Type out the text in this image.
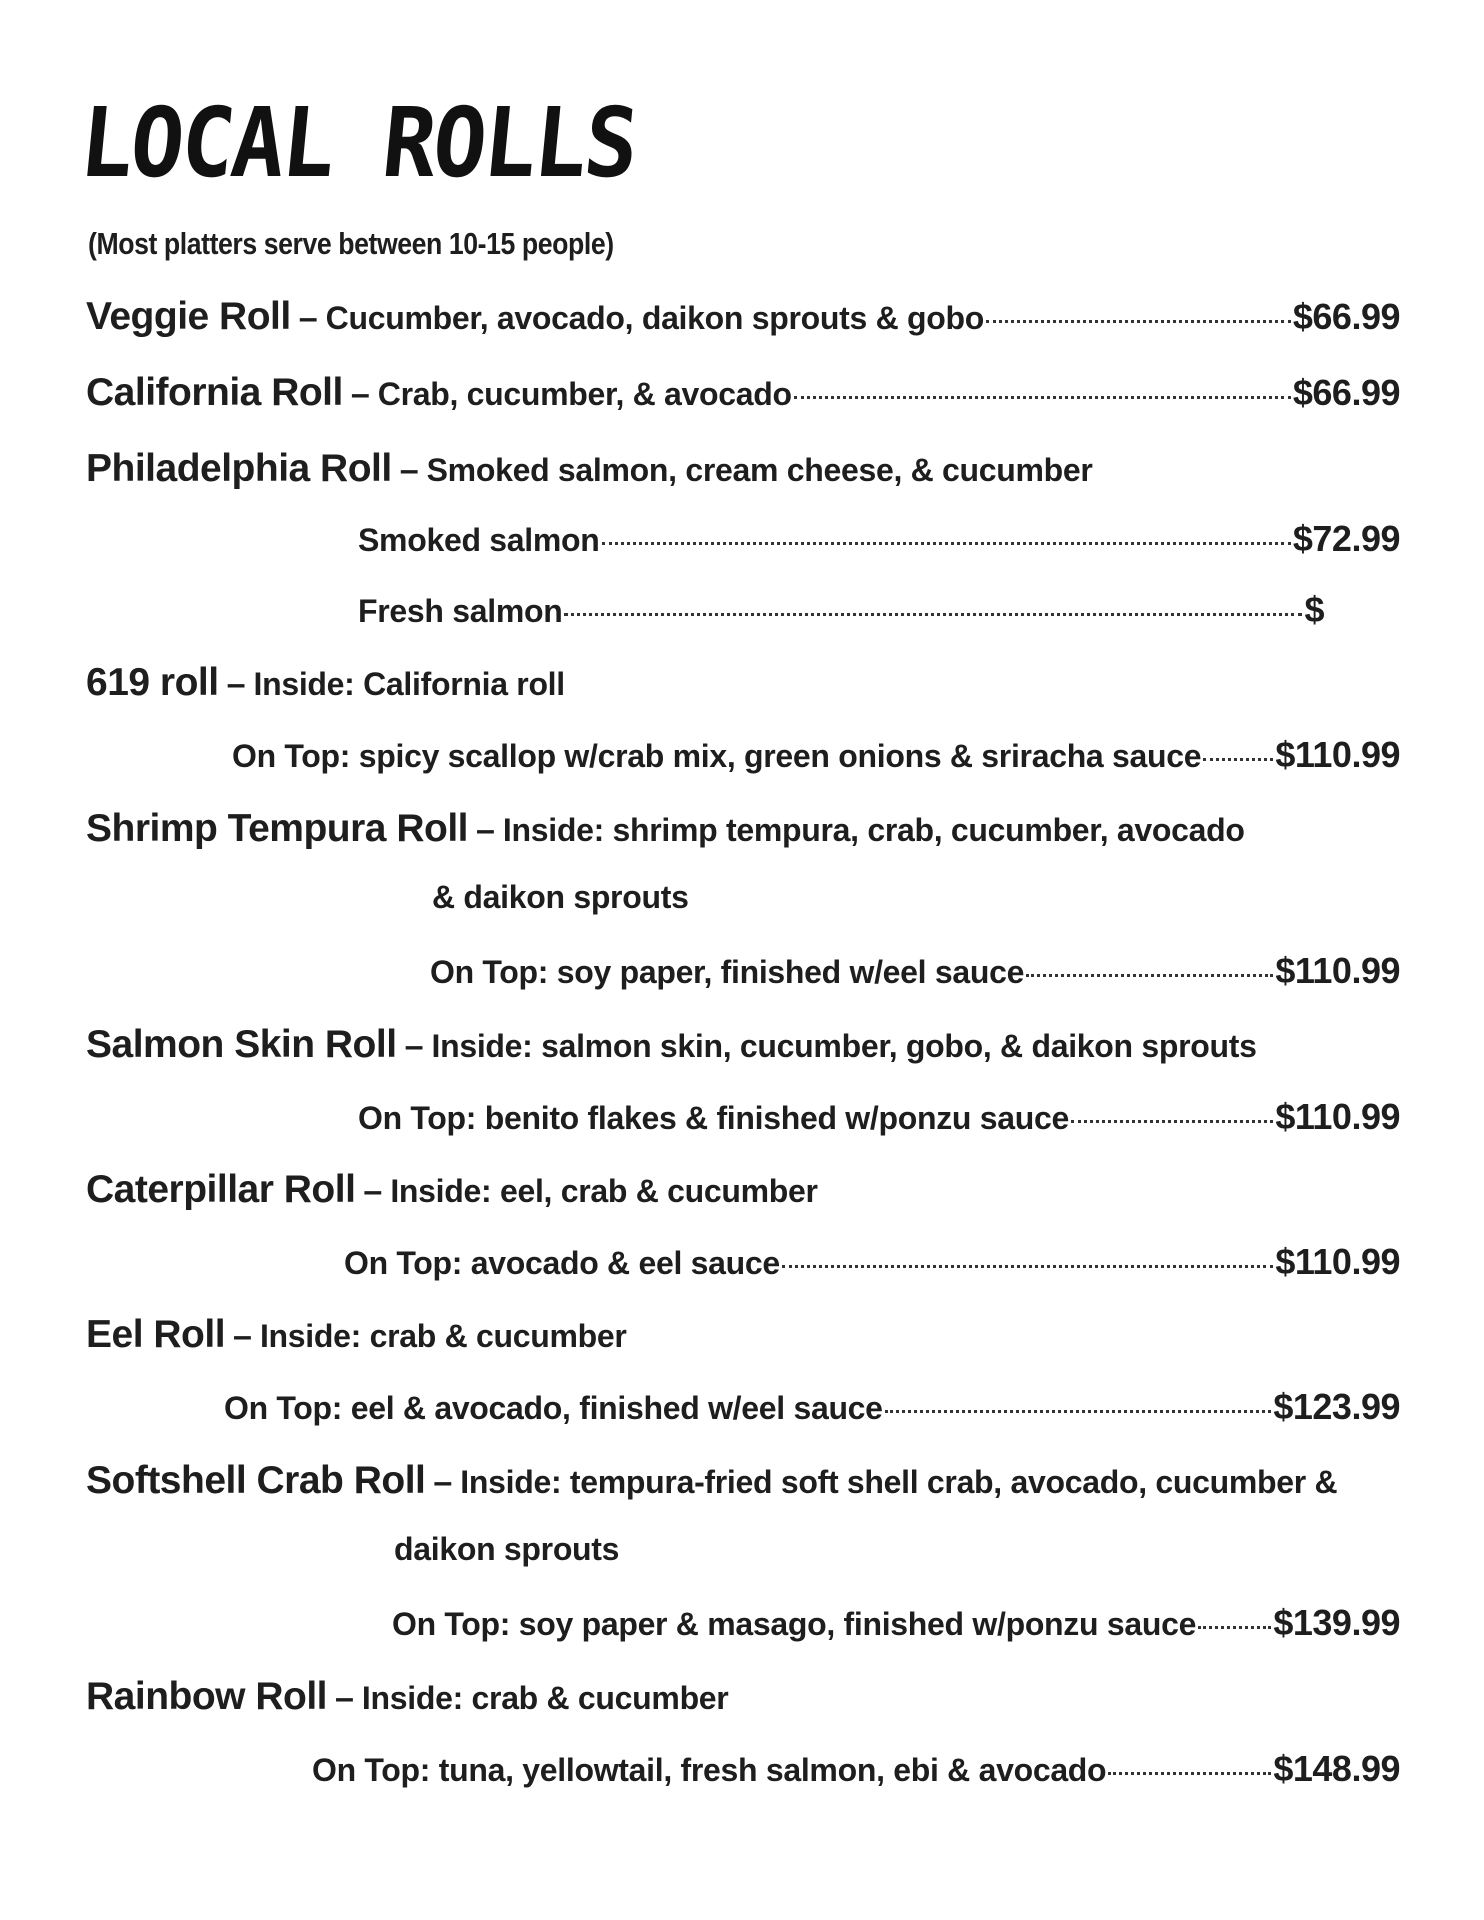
LOCAL ROLLS
(Most platters serve between 10-15 people)
Veggie Roll – Cucumber, avocado, daikon sprouts & gobo	$66.99
California Roll – Crab, cucumber, & avocado	$66.99
Philadelphia Roll – Smoked salmon, cream cheese, & cucumber
Smoked salmon	$72.99
Fresh salmon	$
619 roll – Inside: California roll
On Top: spicy scallop w/crab mix, green onions & sriracha sauce $110.99
Shrimp Tempura Roll – Inside: shrimp tempura, crab, cucumber, avocado
& daikon sprouts
On Top: soy paper, finished w/eel sauce	$110.99
Salmon Skin Roll – Inside: salmon skin, cucumber, gobo, & daikon sprouts
On Top: benito flakes & finished w/ponzu sauce	$110.99
Caterpillar Roll – Inside: eel, crab & cucumber
On Top: avocado & eel sauce	$110.99
Eel Roll – Inside: crab & cucumber
On Top: eel & avocado, finished w/eel sauce	$123.99
Softshell Crab Roll – Inside: tempura-fried soft shell crab, avocado, cucumber &
daikon sprouts
On Top: soy paper & masago, finished w/ponzu sauce $139.99
Rainbow Roll – Inside: crab & cucumber
On Top: tuna, yellowtail, fresh salmon, ebi & avocado	$148.99
